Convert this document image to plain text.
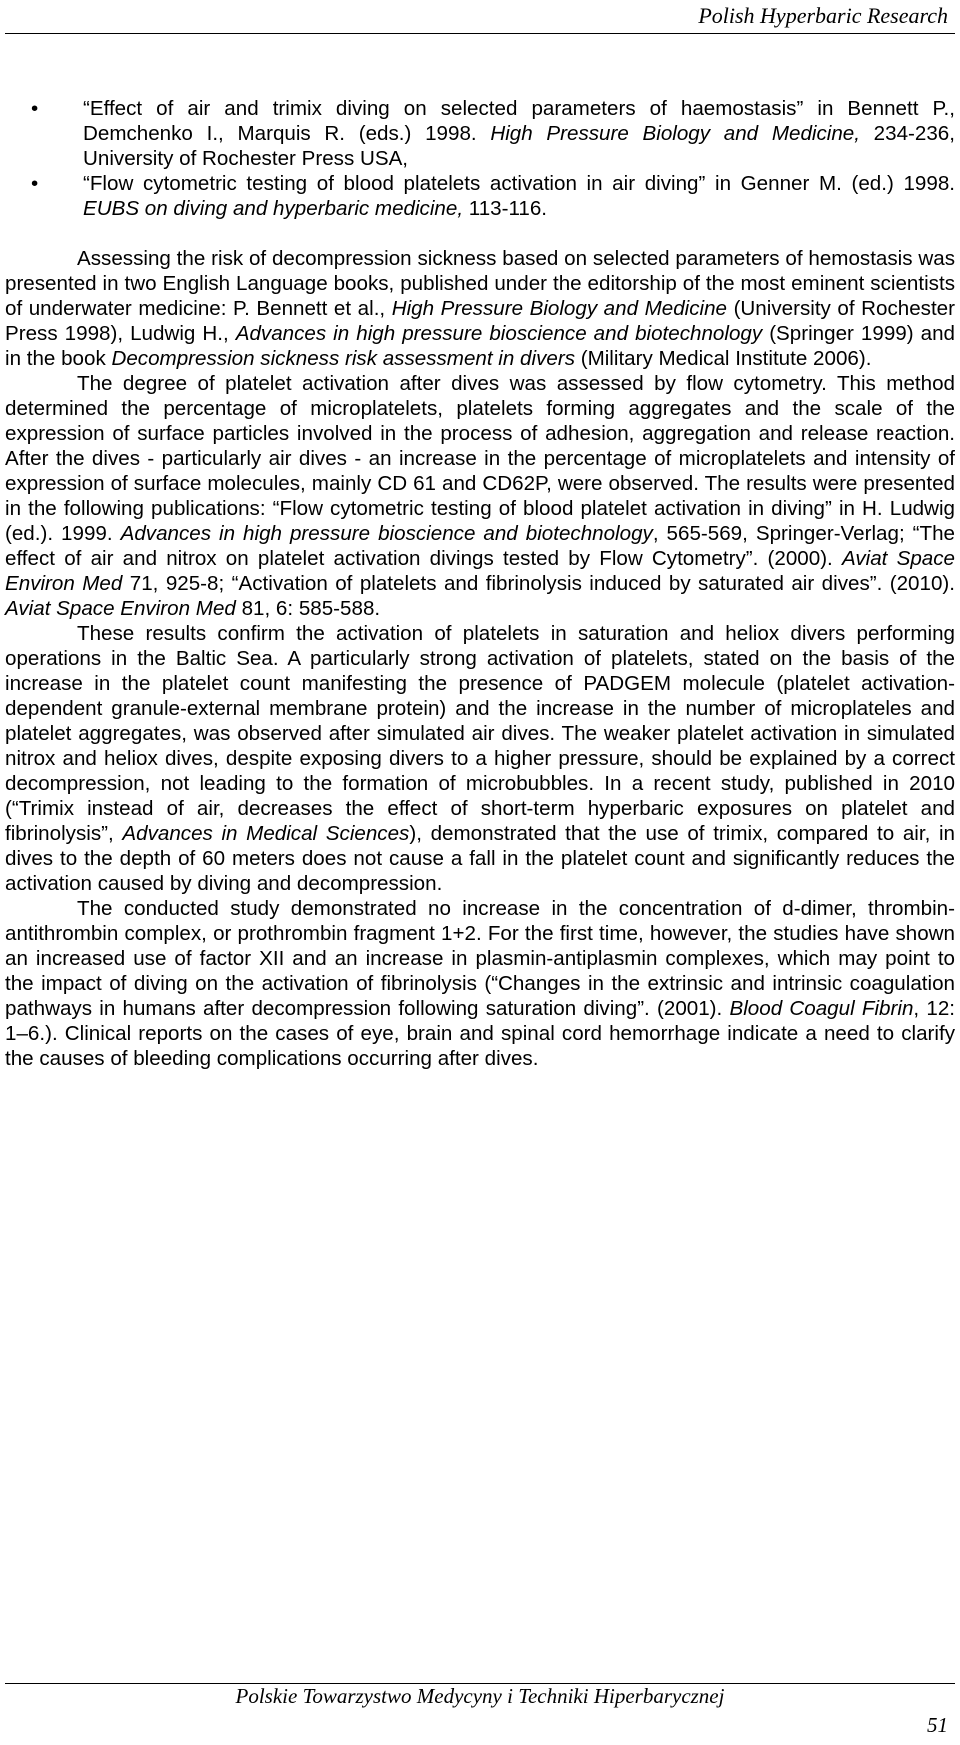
Polish Hyperbaric Research
• “Effect of air and trimix diving on selected parameters of haemostasis” in Bennett P., Demchenko I., Marquis R. (eds.) 1998. High Pressure Biology and Medicine, 234-236, University of Rochester Press USA,
• “Flow cytometric testing of blood platelets activation in air diving” in Genner M. (ed.) 1998. EUBS on diving and hyperbaric medicine, 113-116.

Assessing the risk of decompression sickness based on selected parameters of hemostasis was presented in two English Language books, published under the editorship of the most eminent scientists of underwater medicine: P. Bennett et al., High Pressure Biology and Medicine (University of Rochester Press 1998), Ludwig H., Advances in high pressure bioscience and biotechnology (Springer 1999) and in the book Decompression sickness risk assessment in divers (Military Medical Institute 2006).

The degree of platelet activation after dives was assessed by flow cytometry. This method determined the percentage of microplatelets, platelets forming aggregates and the scale of the expression of surface particles involved in the process of adhesion, aggregation and release reaction. After the dives - particularly air dives - an increase in the percentage of microplatelets and intensity of expression of surface molecules, mainly CD 61 and CD62P, were observed. The results were presented in the following publications: “Flow cytometric testing of blood platelet activation in diving” in H. Ludwig (ed.). 1999. Advances in high pressure bioscience and biotechnology, 565-569, Springer-Verlag; “The effect of air and nitrox on platelet activation divings tested by Flow Cytometry”. (2000). Aviat Space Environ Med 71, 925-8; “Activation of platelets and fibrinolysis induced by saturated air dives”. (2010). Aviat Space Environ Med 81, 6: 585-588.

These results confirm the activation of platelets in saturation and heliox divers performing operations in the Baltic Sea. A particularly strong activation of platelets, stated on the basis of the increase in the platelet count manifesting the presence of PADGEM molecule (platelet activation-dependent granule-external membrane protein) and the increase in the number of microplateles and platelet aggregates, was observed after simulated air dives. The weaker platelet activation in simulated nitrox and heliox dives, despite exposing divers to a higher pressure, should be explained by a correct decompression, not leading to the formation of microbubbles. In a recent study, published in 2010 (“Trimix instead of air, decreases the effect of short-term hyperbaric exposures on platelet and fibrinolysis”, Advances in Medical Sciences), demonstrated that the use of trimix, compared to air, in dives to the depth of 60 meters does not cause a fall in the platelet count and significantly reduces the activation caused by diving and decompression.

The conducted study demonstrated no increase in the concentration of d-dimer, thrombin-antithrombin complex, or prothrombin fragment 1+2. For the first time, however, the studies have shown an increased use of factor XII and an increase in plasmin-antiplasmin complexes, which may point to the impact of diving on the activation of fibrinolysis (“Changes in the extrinsic and intrinsic coagulation pathways in humans after decompression following saturation diving”. (2001). Blood Coagul Fibrin, 12: 1–6.). Clinical reports on the cases of eye, brain and spinal cord hemorrhage indicate a need to clarify the causes of bleeding complications occurring after dives.

Polskie Towarzystwo Medycyny i Techniki Hiperbarycznej
51
